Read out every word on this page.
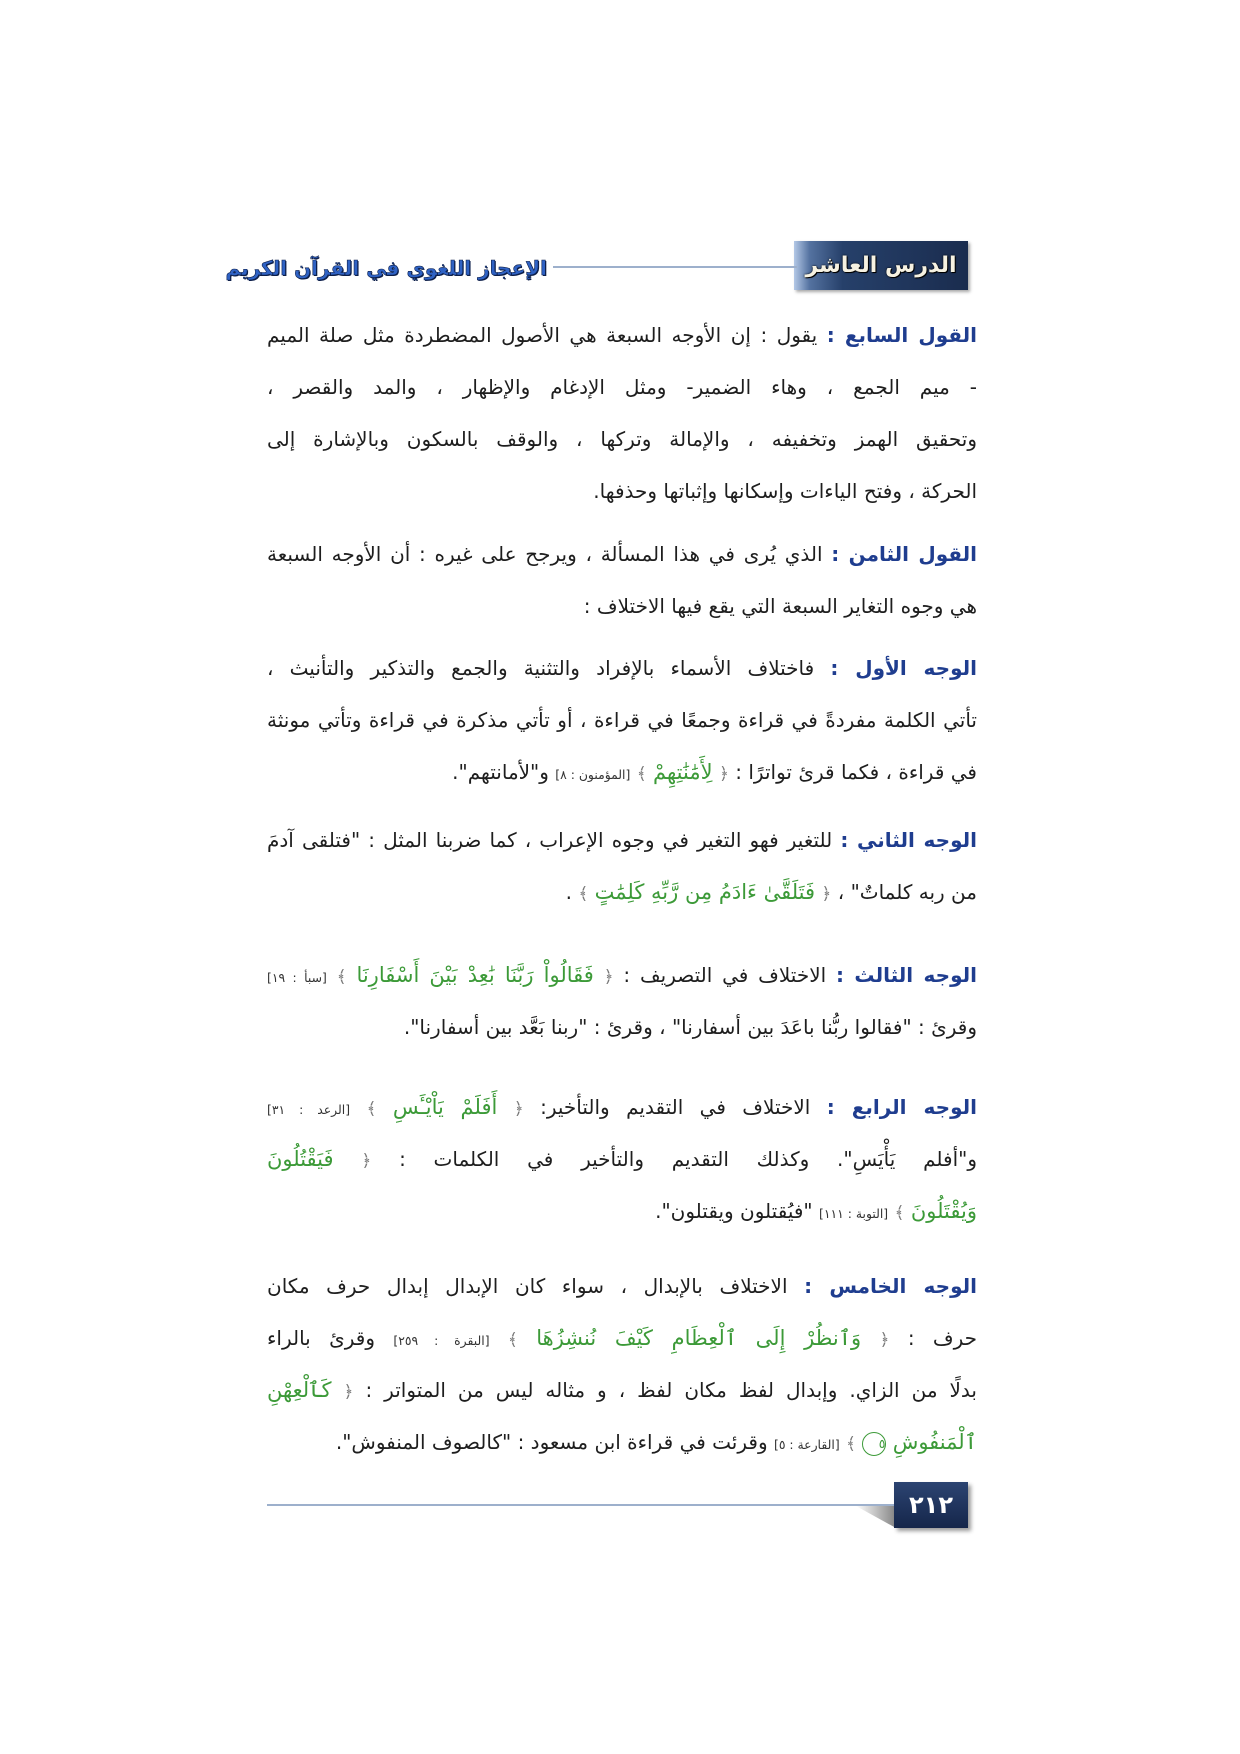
الدرس العاشر
الإعجاز اللغوي في القرآن الكريم
القول السابع : يقول : إن الأوجه السبعة هي الأصول المضطردة مثل صلة الميم
- ميم الجمع ، وهاء الضمير- ومثل الإدغام والإظهار ، والمد والقصر ،
وتحقيق الهمز وتخفيفه ، والإمالة وتركها ، والوقف بالسكون وبالإشارة إلى
الحركة ، وفتح الياءات وإسكانها وإثباتها وحذفها.
القول الثامن : الذي يُرى في هذا المسألة ، ويرجح على غيره : أن الأوجه السبعة
هي وجوه التغاير السبعة التي يقع فيها الاختلاف :
الوجه الأول : فاختلاف الأسماء بالإفراد والتثنية والجمع والتذكير والتأنيث ،
تأتي الكلمة مفردةً في قراءة وجمعًا في قراءة ، أو تأتي مذكرة في قراءة وتأتي مونثة
في قراءة ، فكما قرئ تواترًا : ﴿ لِأَمَٰنَٰتِهِمْ ﴾ [المؤمنون : ٨] و"لأمانتهم".
الوجه الثاني : للتغير فهو التغير في وجوه الإعراب ، كما ضربنا المثل : "فتلقى آدمَ
من ربه كلماتٌ" ، ﴿ فَتَلَقَّىٰ ءَادَمُ مِن رَّبِّهِ كَلِمَٰتٍ ﴾ .
الوجه الثالث : الاختلاف في التصريف : ﴿ فَقَالُواْ رَبَّنَا بَٰعِدْ بَيْنَ أَسْفَارِنَا ﴾ [سبأ : ١٩]
وقرئ : "فقالوا ربُّنا باعَدَ بين أسفارنا" ، وقرئ : "ربنا بَعَّد بين أسفارنا".
الوجه الرابع : الاختلاف في التقديم والتأخير: ﴿ أَفَلَمْ يَاْيْـَٔسِ ﴾ [الرعد : ٣١]
و"أفلم يَأْيَسِ". وكذلك التقديم والتأخير في الكلمات : ﴿ فَيَقْتُلُونَ
وَيُقْتَلُونَ ﴾ [التوبة : ١١١] "فيُقتلون ويقتلون".
الوجه الخامس : الاختلاف بالإبدال ، سواء كان الإبدال إبدال حرف مكان
حرف : ﴿ وَٱنظُرْ إِلَى ٱلْعِظَامِ كَيْفَ نُنشِزُهَا ﴾ [البقرة : ٢٥٩] وقرئ بالراء
بدلًا من الزاي. وإبدال لفظ مكان لفظ ، و مثاله ليس من المتواتر : ﴿ كَٱلْعِهْنِ
ٱلْمَنفُوشِ ٥ ﴾ [القارعة : ٥] وقرئت في قراءة ابن مسعود : "كالصوف المنفوش".
٢١٢
